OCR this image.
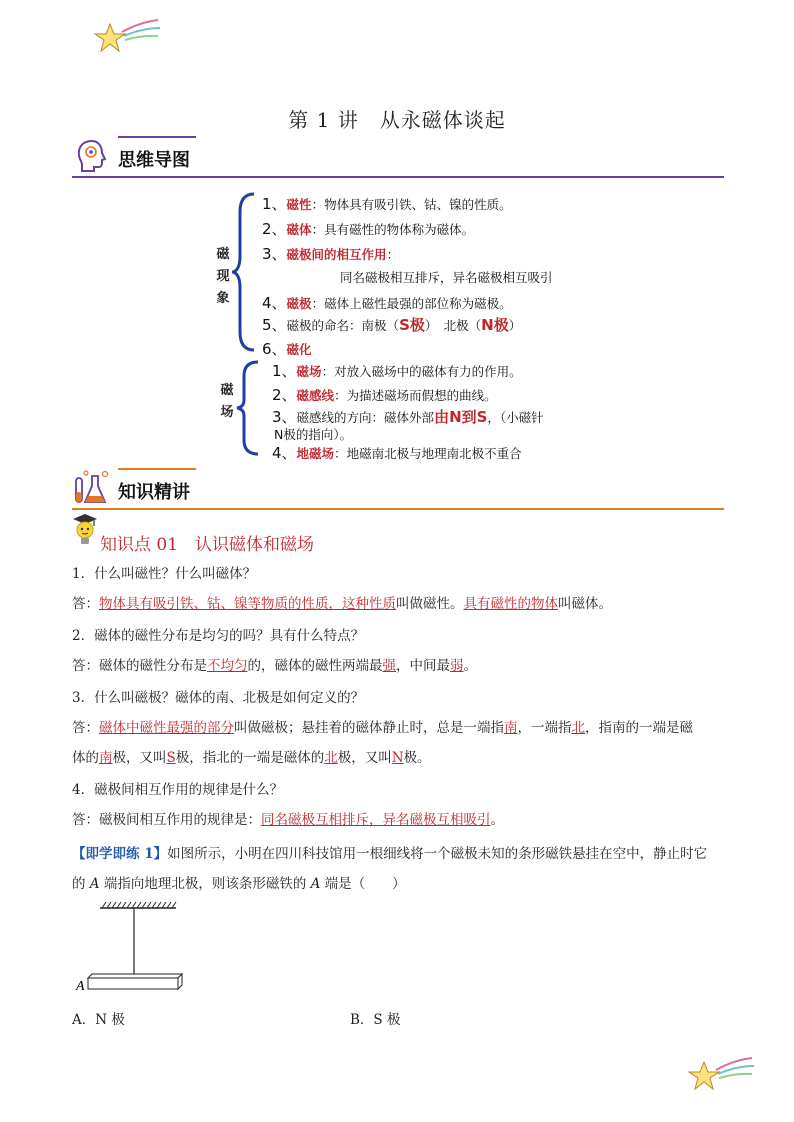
第 1 讲　从永磁体谈起
思维导图
磁
现
象
1、磁性：物体具有吸引铁、钴、镍的性质。
2、磁体：具有磁性的物体称为磁体。
3、磁极间的相互作用：
同名磁极相互排斥，异名磁极相互吸引
4、磁极：磁体上磁性最强的部位称为磁极。
5、磁极的命名：南极（S极）　北极（N极）
6、磁化
磁
场
1、磁场：对放入磁场中的磁体有力的作用。
2、磁感线：为描述磁场而假想的曲线。
3、磁感线的方向：磁体外部由N到S，（小磁针
N极的指向）。
4、地磁场：地磁南北极与地理南北极不重合
知识精讲
知识点 01　认识磁体和磁场
1．什么叫磁性？什么叫磁体？
答：物体具有吸引铁、钴、镍等物质的性质，这种性质叫做磁性。具有磁性的物体叫磁体。
2．磁体的磁性分布是均匀的吗？具有什么特点？
答：磁体的磁性分布是不均匀的，磁体的磁性两端最强，中间最弱。
3．什么叫磁极？磁体的南、北极是如何定义的？
答：磁体中磁性最强的部分叫做磁极；悬挂着的磁体静止时，总是一端指南，一端指北，指南的一端是磁
体的南极，又叫S极，指北的一端是磁体的北极，又叫N极。
4．磁极间相互作用的规律是什么？
答：磁极间相互作用的规律是：同名磁极互相排斥，异名磁极互相吸引。
【即学即练 1】如图所示，小明在四川科技馆用一根细线将一个磁极未知的条形磁铁悬挂在空中，静止时它
的 A 端指向地理北极，则该条形磁铁的 A 端是（　　）
A
A．N 极	B．S 极
